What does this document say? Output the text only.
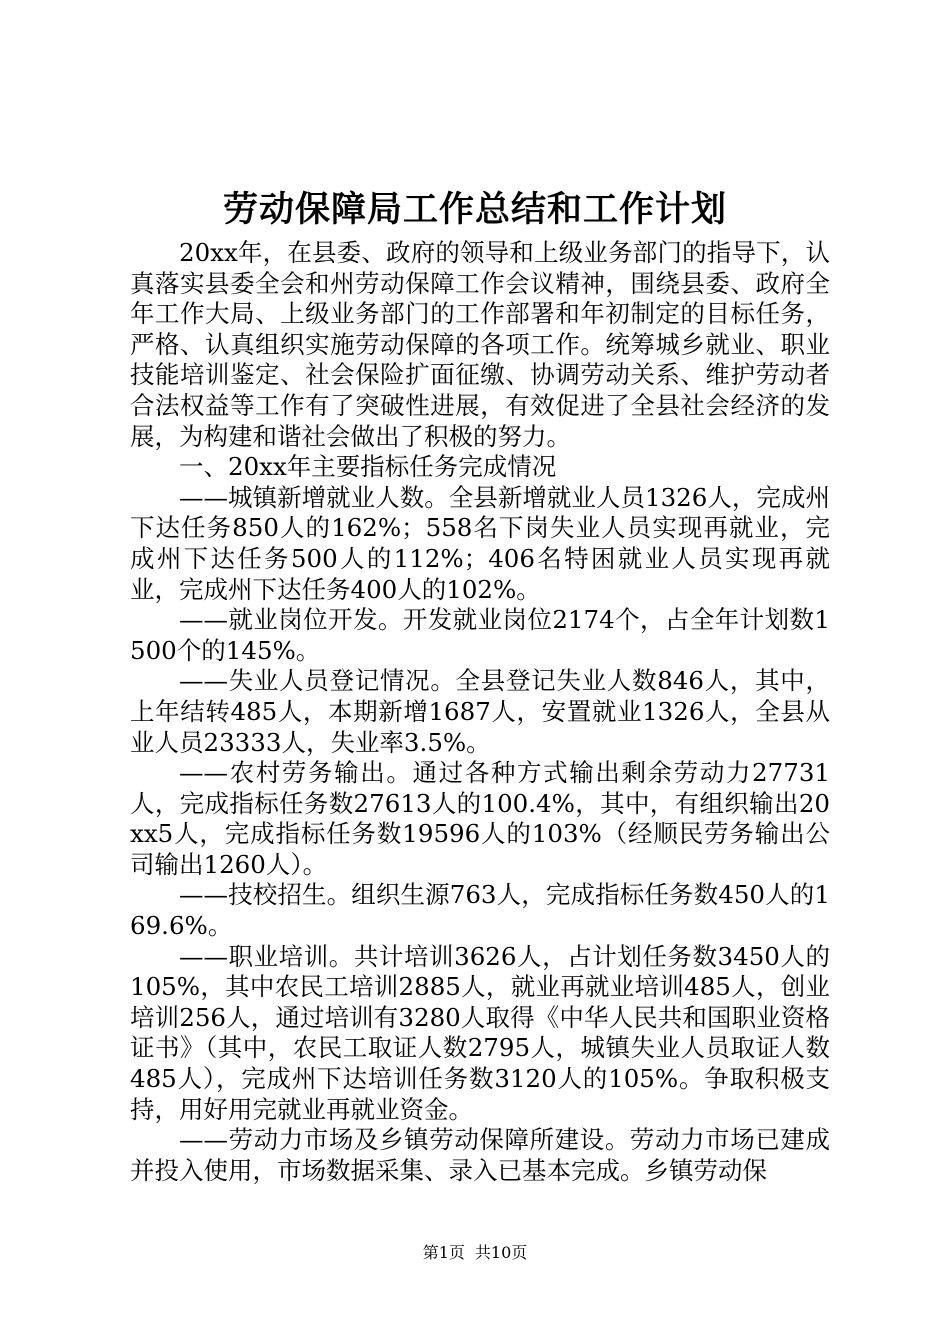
劳动保障局工作总结和工作计划

20xx年，在县委、政府的领导和上级业务部门的指导下，认真落实县委全会和州劳动保障工作会议精神，围绕县委、政府全年工作大局、上级业务部门的工作部署和年初制定的目标任务，严格、认真组织实施劳动保障的各项工作。统筹城乡就业、职业技能培训鉴定、社会保险扩面征缴、协调劳动关系、维护劳动者合法权益等工作有了突破性进展，有效促进了全县社会经济的发展，为构建和谐社会做出了积极的努力。

一、20xx年主要指标任务完成情况

——城镇新增就业人数。全县新增就业人员1326人，完成州下达任务850人的162%；558名下岗失业人员实现再就业，完成州下达任务500人的112%；406名特困就业人员实现再就业，完成州下达任务400人的102%。

——就业岗位开发。开发就业岗位2174个，占全年计划数1500个的145%。

——失业人员登记情况。全县登记失业人数846人，其中，上年结转485人，本期新增1687人，安置就业1326人，全县从业人员23333人，失业率3.5%。

——农村劳务输出。通过各种方式输出剩余劳动力27731人，完成指标任务数27613人的100.4%，其中，有组织输出20xx5人，完成指标任务数19596人的103%（经顺民劳务输出公司输出1260人）。

——技校招生。组织生源763人，完成指标任务数450人的169.6%。

——职业培训。共计培训3626人，占计划任务数3450人的105%，其中农民工培训2885人，就业再就业培训485人，创业培训256人，通过培训有3280人取得《中华人民共和国职业资格证书》（其中，农民工取证人数2795人，城镇失业人员取证人数485人），完成州下达培训任务数3120人的105%。争取积极支持，用好用完就业再就业资金。

——劳动力市场及乡镇劳动保障所建设。劳动力市场已建成并投入使用，市场数据采集、录入已基本完成。乡镇劳动保

第1页 共10页
